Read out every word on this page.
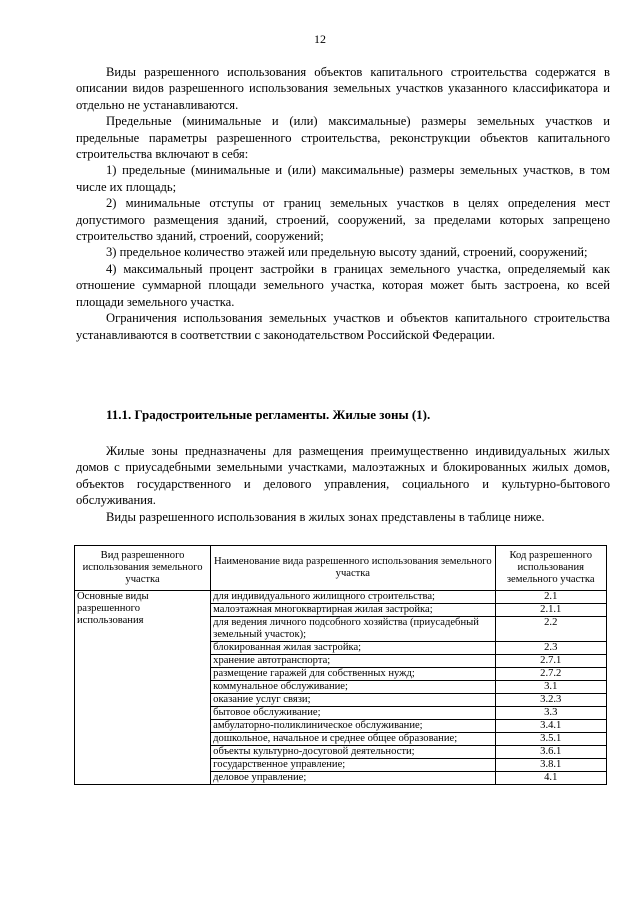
12

Виды разрешенного использования объектов капитального строительства содержатся в описании видов разрешенного использования земельных участков указанного классификатора и отдельно не устанавливаются.

Предельные (минимальные и (или) максимальные) размеры земельных участков и предельные параметры разрешенного строительства, реконструкции объектов капитального строительства включают в себя:

1) предельные (минимальные и (или) максимальные) размеры земельных участков, в том числе их площадь;

2) минимальные отступы от границ земельных участков в целях определения мест допустимого размещения зданий, строений, сооружений, за пределами которых запрещено строительство зданий, строений, сооружений;

3) предельное количество этажей или предельную высоту зданий, строений, сооружений;

4) максимальный процент застройки в границах земельного участка, определяемый как отношение суммарной площади земельного участка, которая может быть застроена, ко всей площади земельного участка.

Ограничения использования земельных участков и объектов капитального строительства устанавливаются в соответствии с законодательством Российской Федерации.

11.1. Градостроительные регламенты. Жилые зоны (1).

Жилые зоны предназначены для размещения преимущественно индивидуальных жилых домов с приусадебными земельными участками, малоэтажных и блокированных жилых домов, объектов государственного и делового управления, социального и культурно-бытового обслуживания.

Виды разрешенного использования в жилых зонах представлены в таблице ниже.

Вид разрешенного использования земельного участка	Наименование вида разрешенного использования земельного участка	Код разрешенного использования земельного участка
Основные виды разрешенного использования	для индивидуального жилищного строительства;	2.1
	малоэтажная многоквартирная жилая застройка;	2.1.1
	для ведения личного подсобного хозяйства (приусадебный земельный участок);	2.2
	блокированная жилая застройка;	2.3
	хранение автотранспорта;	2.7.1
	размещение гаражей для собственных нужд;	2.7.2
	коммунальное обслуживание;	3.1
	оказание услуг связи;	3.2.3
	бытовое обслуживание;	3.3
	амбулаторно-поликлиническое обслуживание;	3.4.1
	дошкольное, начальное и среднее общее образование;	3.5.1
	объекты культурно-досуговой деятельности;	3.6.1
	государственное управление;	3.8.1
	деловое управление;	4.1
